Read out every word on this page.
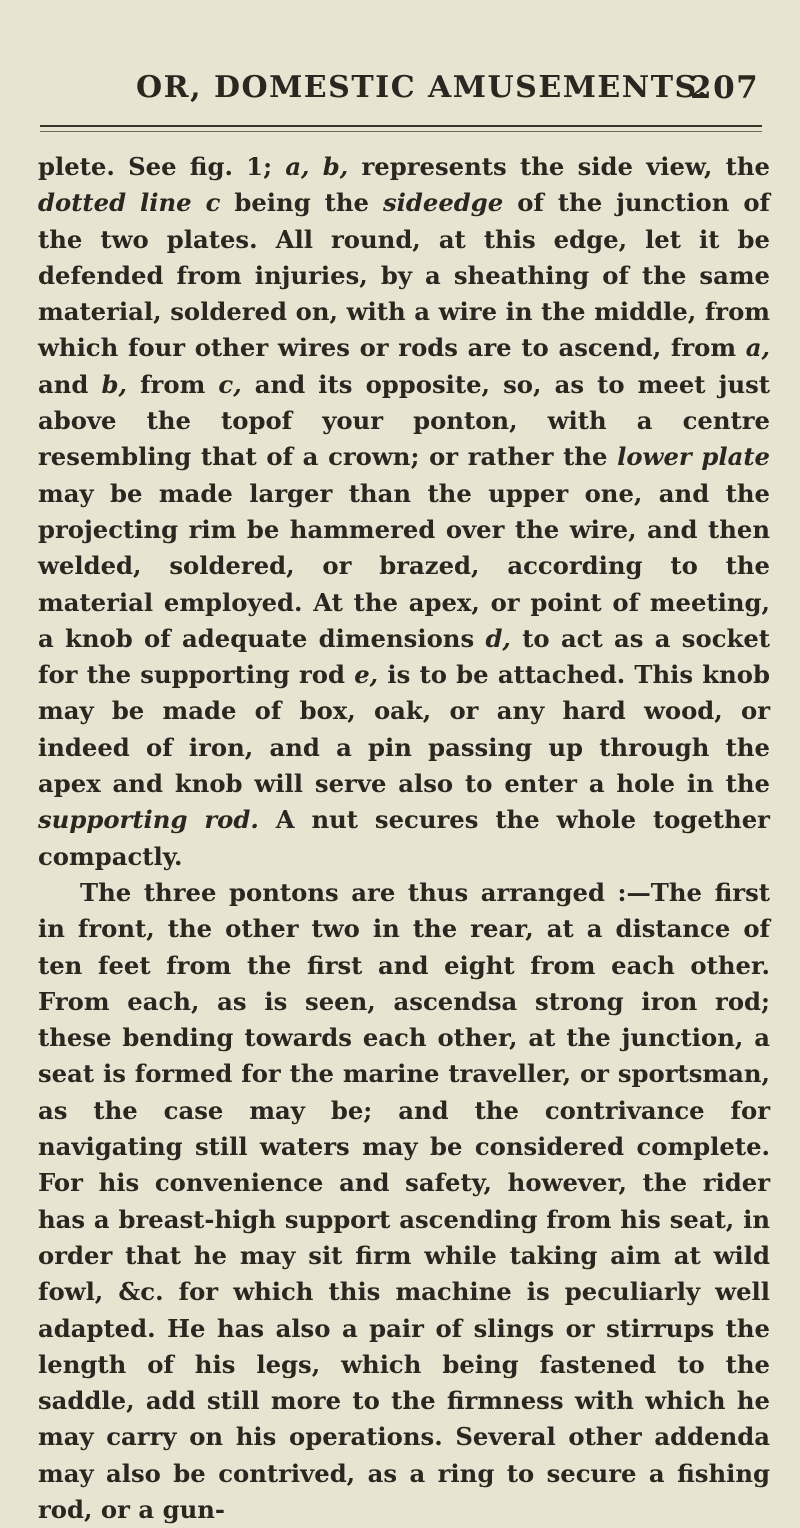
OR, DOMESTIC AMUSEMENTS.
207

plete. See fig. 1; a, b, represents the side view, the dotted line c being the sideedge of the junction of the two plates. All round, at this edge, let it be defended from injuries, by a sheathing of the same material, soldered on, with a wire in the middle, from which four other wires or rods are to ascend, from a, and b, from c, and its opposite, so, as to meet just above the topof your ponton, with a centre resembling that of a crown; or rather the lower plate may be made larger than the upper one, and the projecting rim be hammered over the wire, and then welded, soldered, or brazed, according to the material employed. At the apex, or point of meeting, a knob of adequate dimensions d, to act as a socket for the supporting rod e, is to be attached. This knob may be made of box, oak, or any hard wood, or indeed of iron, and a pin passing up through the apex and knob will serve also to enter a hole in the supporting rod. A nut secures the whole together compactly.

The three pontons are thus arranged :—The first in front, the other two in the rear, at a distance of ten feet from the first and eight from each other. From each, as is seen, ascendsa strong iron rod; these bending towards each other, at the junction, a seat is formed for the marine traveller, or sportsman, as the case may be; and the contrivance for navigating still waters may be considered complete. For his convenience and safety, however, the rider has a breast-high support ascending from his seat, in order that he may sit firm while taking aim at wild fowl, &c. for which this machine is peculiarly well adapted. He has also a pair of slings or stirrups the length of his legs, which being fastened to the saddle, add still more to the firmness with which he may carry on his operations. Several other addenda may also be contrived, as a ring to secure a fishing rod, or a gun-
